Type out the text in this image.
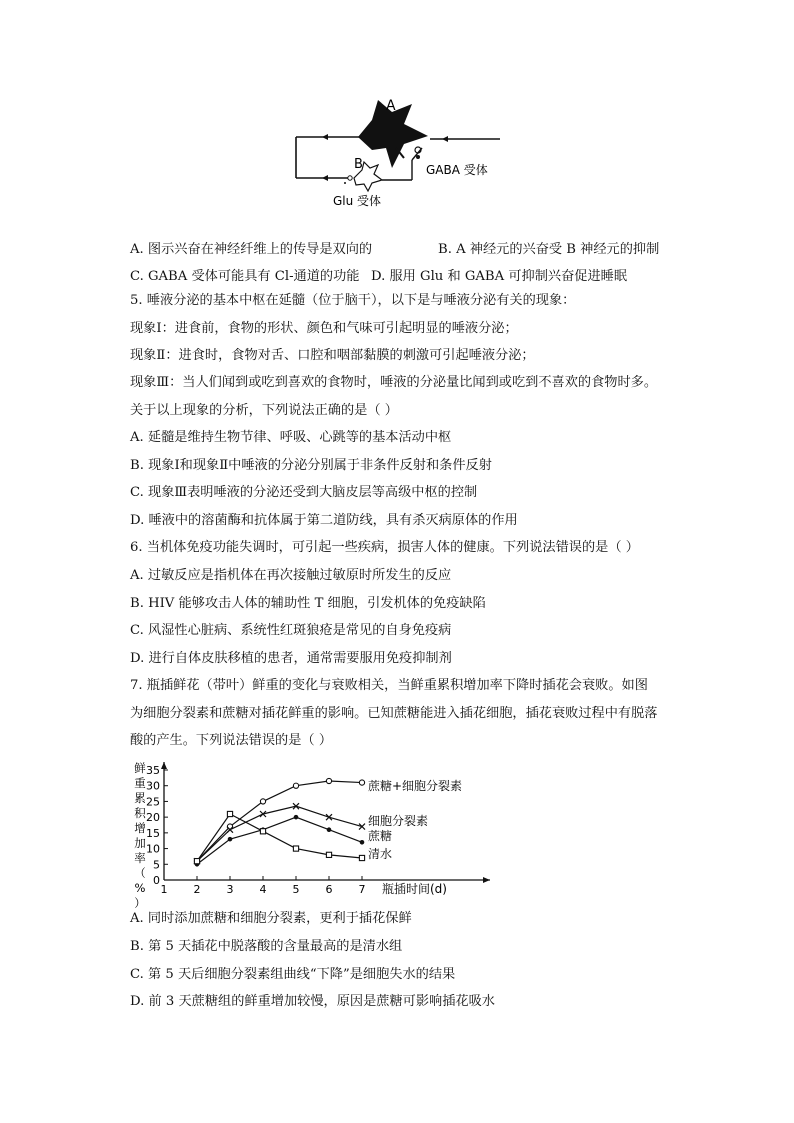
A
B	GABA 受体
Glu 受体
A. 图示兴奋在神经纤维上的传导是双向的	B. A 神经元的兴奋受 B 神经元的抑制
C. GABA 受体可能具有 Cl-通道的功能 D. 服用 Glu 和 GABA 可抑制兴奋促进睡眠
5. 唾液分泌的基本中枢在延髓（位于脑干），以下是与唾液分泌有关的现象：
现象Ⅰ：进食前，食物的形状、颜色和气味可引起明显的唾液分泌；
现象Ⅱ：进食时，食物对舌、口腔和咽部黏膜的刺激可引起唾液分泌；
现象Ⅲ：当人们闻到或吃到喜欢的食物时，唾液的分泌量比闻到或吃到不喜欢的食物时多。
关于以上现象的分析，下列说法正确的是（ ）
A. 延髓是维持生物节律、呼吸、心跳等的基本活动中枢
B. 现象Ⅰ和现象Ⅱ中唾液的分泌分别属于非条件反射和条件反射
C. 现象Ⅲ表明唾液的分泌还受到大脑皮层等高级中枢的控制
D. 唾液中的溶菌酶和抗体属于第二道防线，具有杀灭病原体的作用
6. 当机体免疫功能失调时，可引起一些疾病，损害人体的健康。下列说法错误的是（ ）
A. 过敏反应是指机体在再次接触过敏原时所发生的反应
B. HIV 能够攻击人体的辅助性 T 细胞，引发机体的免疫缺陷
C. 风湿性心脏病、系统性红斑狼疮是常见的自身免疫病
D. 进行自体皮肤移植的患者，通常需要服用免疫抑制剂
7. 瓶插鲜花（带叶）鲜重的变化与衰败相关，当鲜重累积增加率下降时插花会衰败。如图
为细胞分裂素和蔗糖对插花鲜重的影响。已知蔗糖能进入插花细胞，插花衰败过程中有脱落
酸的产生。下列说法错误的是（ ）
0
5
10
15
20
25
30
35
1 2 3 4 5 6 7 瓶插时间(d)
鲜
重
累
积
增
加
率
（
%
）
蔗糖+细胞分裂素
细胞分裂素
蔗糖
清水
A. 同时添加蔗糖和细胞分裂素，更利于插花保鲜
B. 第 5 天插花中脱落酸的含量最高的是清水组
C. 第 5 天后细胞分裂素组曲线“下降”是细胞失水的结果
D. 前 3 天蔗糖组的鲜重增加较慢，原因是蔗糖可影响插花吸水
